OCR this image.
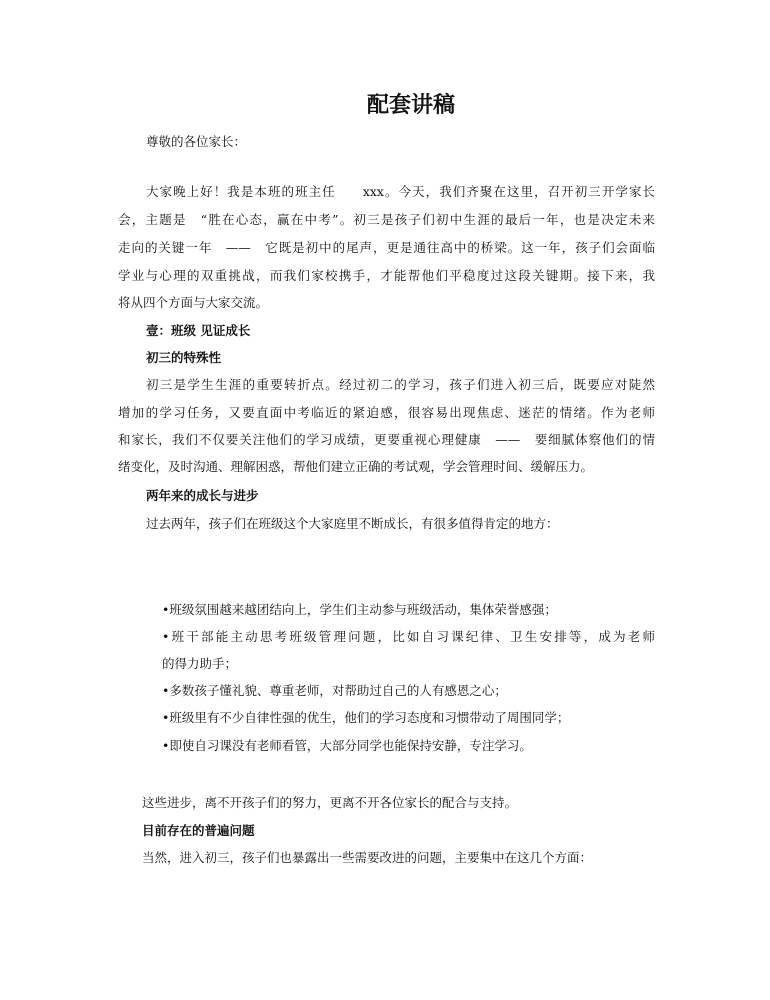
配套讲稿
尊敬的各位家长：
大家晚上好！我是本班的班主任　　xxx。今天，我们齐聚在这里，召开初三开学家长
会，主题是　“胜在心态，赢在中考”。初三是孩子们初中生涯的最后一年，也是决定未来
走向的关键一年　——　它既是初中的尾声，更是通往高中的桥梁。这一年，孩子们会面临
学业与心理的双重挑战，而我们家校携手，才能帮他们平稳度过这段关键期。接下来，我
将从四个方面与大家交流。
壹：班级 见证成长
初三的特殊性
初三是学生生涯的重要转折点。经过初二的学习，孩子们进入初三后，既要应对陡然
增加的学习任务，又要直面中考临近的紧迫感，很容易出现焦虑、迷茫的情绪。作为老师
和家长，我们不仅要关注他们的学习成绩，更要重视心理健康　——　要细腻体察他们的情
绪变化，及时沟通、理解困惑，帮他们建立正确的考试观，学会管理时间、缓解压力。
两年来的成长与进步
过去两年，孩子们在班级这个大家庭里不断成长，有很多值得肯定的地方：
•班级氛围越来越团结向上，学生们主动参与班级活动，集体荣誉感强；
•班干部能主动思考班级管理问题，比如自习课纪律、卫生安排等，成为老师
的得力助手；
•多数孩子懂礼貌、尊重老师，对帮助过自己的人有感恩之心；
•班级里有不少自律性强的优生，他们的学习态度和习惯带动了周围同学；
•即使自习课没有老师看管，大部分同学也能保持安静，专注学习。
这些进步，离不开孩子们的努力，更离不开各位家长的配合与支持。
目前存在的普遍问题
当然，进入初三，孩子们也暴露出一些需要改进的问题，主要集中在这几个方面：
